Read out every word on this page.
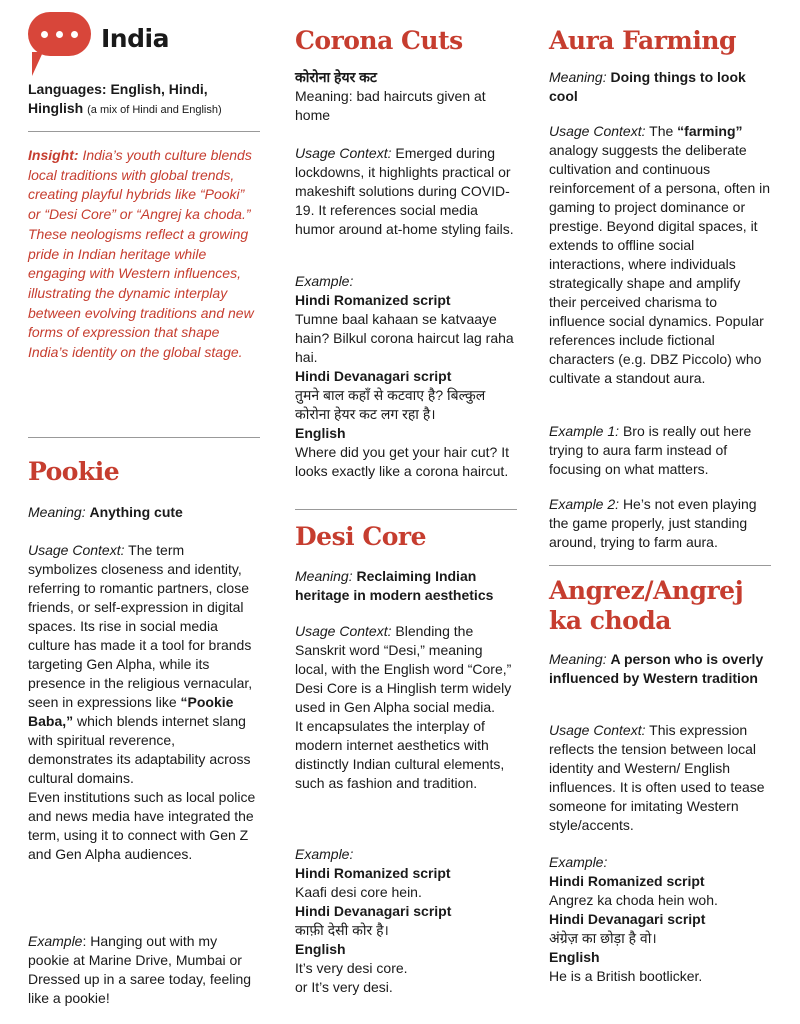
India

Languages: English, Hindi,

Hinglish (a mix of Hindi and English)

Insight: India’s youth culture blends local traditions with global trends, creating playful hybrids like “Pooki” or “Desi Core” or “Angrej ka choda.” These neologisms reflect a growing pride in Indian heritage while engaging with Western influences, illustrating the dynamic interplay between evolving traditions and new forms of expression that shape India’s identity on the global stage.

Pookie

Meaning: Anything cute

Usage Context: The term symbolizes closeness and identity, referring to romantic partners, close friends, or self-expression in digital spaces. Its rise in social media culture has made it a tool for brands targeting Gen Alpha, while its presence in the religious vernacular, seen in expressions like “Pookie Baba,” which blends internet slang with spiritual reverence, demonstrates its adaptability across cultural domains.

Even institutions such as local police and news media have integrated the term, using it to connect with Gen Z and Gen Alpha audiences.

Example: Hanging out with my pookie at Marine Drive, Mumbai or Dressed up in a saree today, feeling like a pookie!

Corona Cuts

कोरोना हेयर कट

Meaning: bad haircuts given at home

Usage Context: Emerged during lockdowns, it highlights practical or makeshift solutions during COVID-19. It references social media humor around at-home styling fails.

Example:

Hindi Romanized script

Tumne baal kahaan se katvaaye hain? Bilkul corona haircut lag raha hai.

Hindi Devanagari script

तुमने बाल कहाँ से कटवाए है? बिल्कुल कोरोना हेयर कट लग रहा है।

English

Where did you get your hair cut? It looks exactly like a corona haircut.

Desi Core

Meaning: Reclaiming Indian heritage in modern aesthetics

Usage Context: Blending the Sanskrit word “Desi,” meaning local, with the English word “Core,” Desi Core is a Hinglish term widely used in Gen Alpha social media.

It encapsulates the interplay of modern internet aesthetics with distinctly Indian cultural elements, such as fashion and tradition.

Example:

Hindi Romanized script

Kaafi desi core hein.

Hindi Devanagari script

काफ़ी देसी कोर है।

English

It’s very desi core.

or It’s very desi.

Aura Farming

Meaning: Doing things to look cool

Usage Context: The “farming” analogy suggests the deliberate cultivation and continuous reinforcement of a persona, often in gaming to project dominance or prestige. Beyond digital spaces, it extends to offline social interactions, where individuals strategically shape and amplify their perceived charisma to influence social dynamics. Popular references include fictional characters (e.g. DBZ Piccolo) who cultivate a standout aura.

Example 1: Bro is really out here trying to aura farm instead of focusing on what matters.

Example 2: He’s not even playing the game properly, just standing around, trying to farm aura.

Angrez/Angrej
ka choda

Meaning: A person who is overly influenced by Western tradition

Usage Context: This expression reflects the tension between local identity and Western/ English influences. It is often used to tease someone for imitating Western style/accents.

Example:

Hindi Romanized script

Angrez ka choda hein woh.

Hindi Devanagari script

अंग्रेज़ का छोड़ा है वो।

English

He is a British bootlicker.
